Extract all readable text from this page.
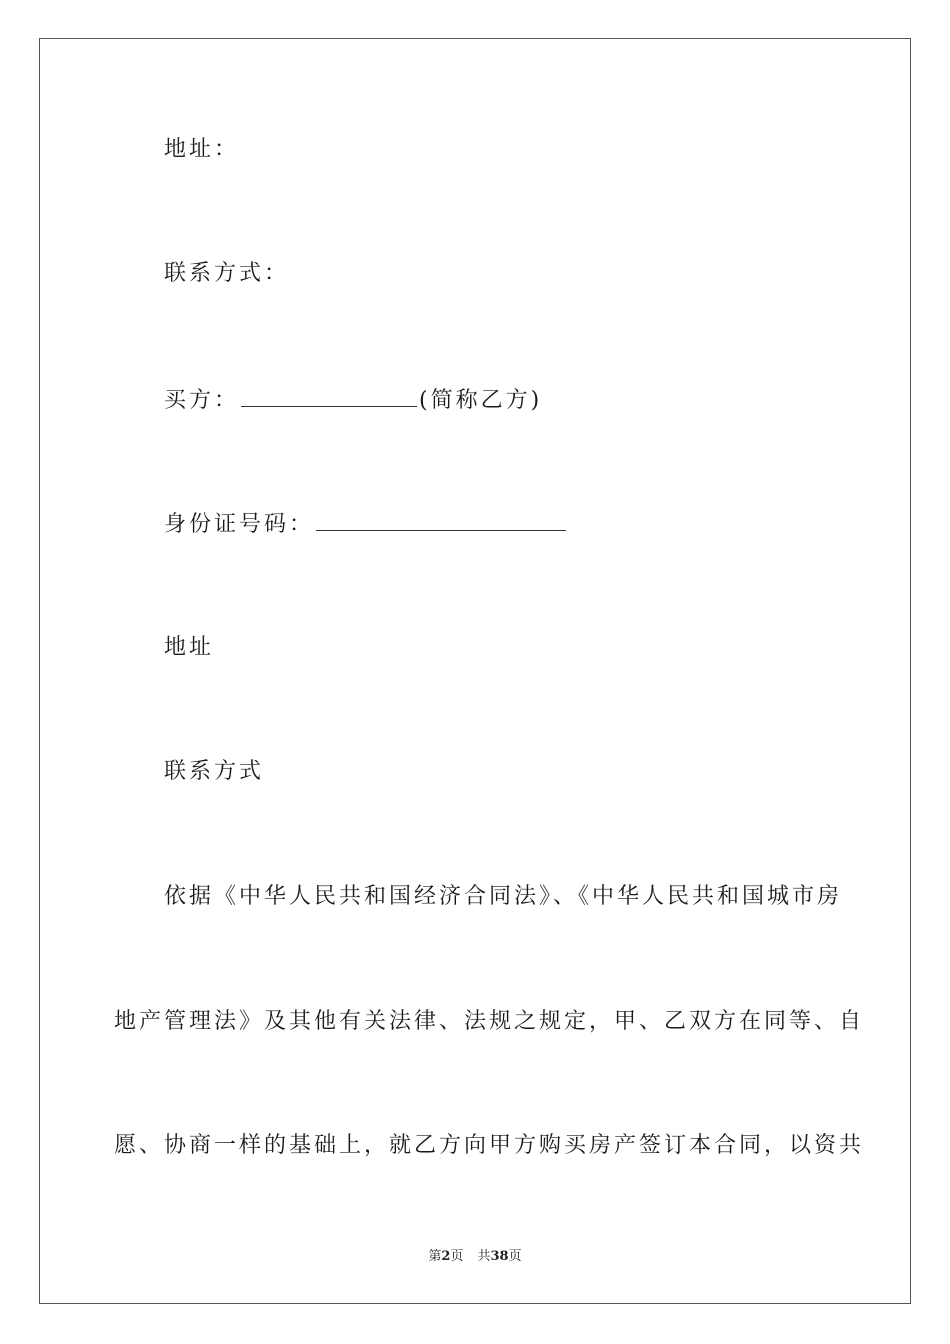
地址：
联系方式：
买方：	(简称乙方)
身份证号码：
地址
联系方式
依据《中华人民共和国经济合同法》、《中华人民共和国城市房
地产管理法》及其他有关法律、法规之规定，甲、乙双方在同等、自
愿、协商一样的基础上，就乙方向甲方购买房产签订本合同，以资共
第2页 共38页
